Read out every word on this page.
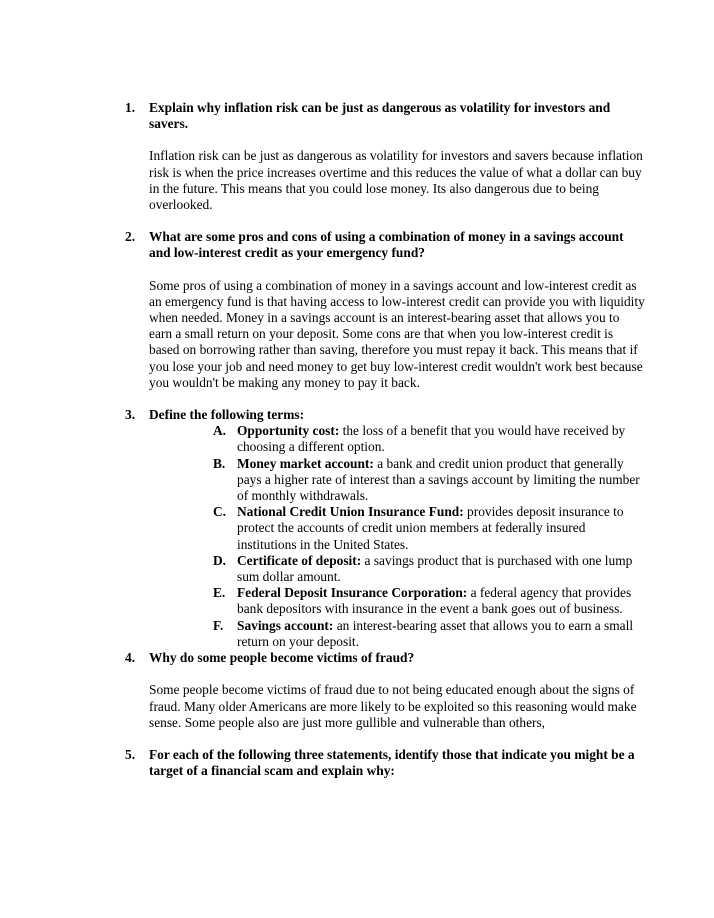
1. Explain why inflation risk can be just as dangerous as volatility for investors and savers.
Inflation risk can be just as dangerous as volatility for investors and savers because inflation risk is when the price increases overtime and this reduces the value of what a dollar can buy in the future. This means that you could lose money. Its also dangerous due to being overlooked.
2. What are some pros and cons of using a combination of money in a savings account and low-interest credit as your emergency fund?
Some pros of using a combination of money in a savings account and low-interest credit as an emergency fund is that having access to low-interest credit can provide you with liquidity when needed. Money in a savings account is an interest-bearing asset that allows you to earn a small return on your deposit. Some cons are that when you low-interest credit is based on borrowing rather than saving, therefore you must repay it back. This means that if you lose your job and need money to get buy low-interest credit wouldn't work best because you wouldn't be making any money to pay it back.
3. Define the following terms:
A. Opportunity cost: the loss of a benefit that you would have received by choosing a different option.
B. Money market account: a bank and credit union product that generally pays a higher rate of interest than a savings account by limiting the number of monthly withdrawals.
C. National Credit Union Insurance Fund: provides deposit insurance to protect the accounts of credit union members at federally insured institutions in the United States.
D. Certificate of deposit: a savings product that is purchased with one lump sum dollar amount.
E. Federal Deposit Insurance Corporation: a federal agency that provides bank depositors with insurance in the event a bank goes out of business.
F. Savings account: an interest-bearing asset that allows you to earn a small return on your deposit.
4. Why do some people become victims of fraud?
Some people become victims of fraud due to not being educated enough about the signs of fraud. Many older Americans are more likely to be exploited so this reasoning would make sense. Some people also are just more gullible and vulnerable than others,
5. For each of the following three statements, identify those that indicate you might be a target of a financial scam and explain why:
